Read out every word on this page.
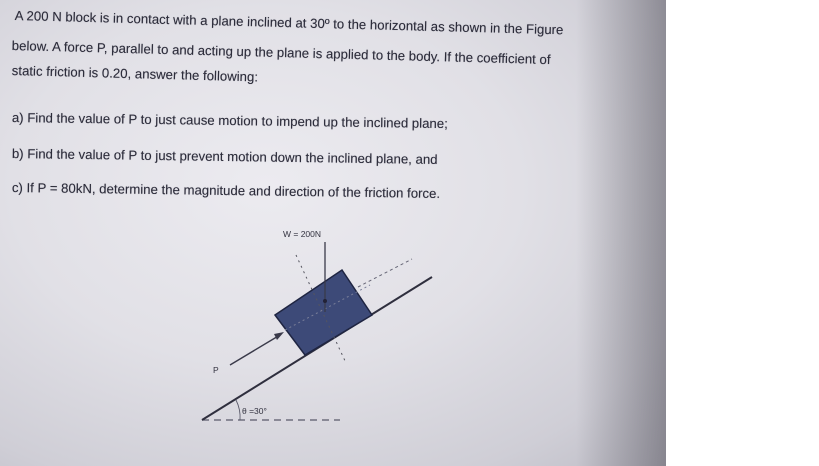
A 200 N block is in contact with a plane inclined at 30º to the horizontal as shown in the Figure
below. A force P, parallel to and acting up the plane is applied to the body. If the coefficient of
static friction is 0.20, answer the following:
a) Find the value of P to just cause motion to impend up the inclined plane;
b) Find the value of P to just prevent motion down the inclined plane, and
c) If P = 80kN, determine the magnitude and direction of the friction force.
W = 200N
P
θ =30°
